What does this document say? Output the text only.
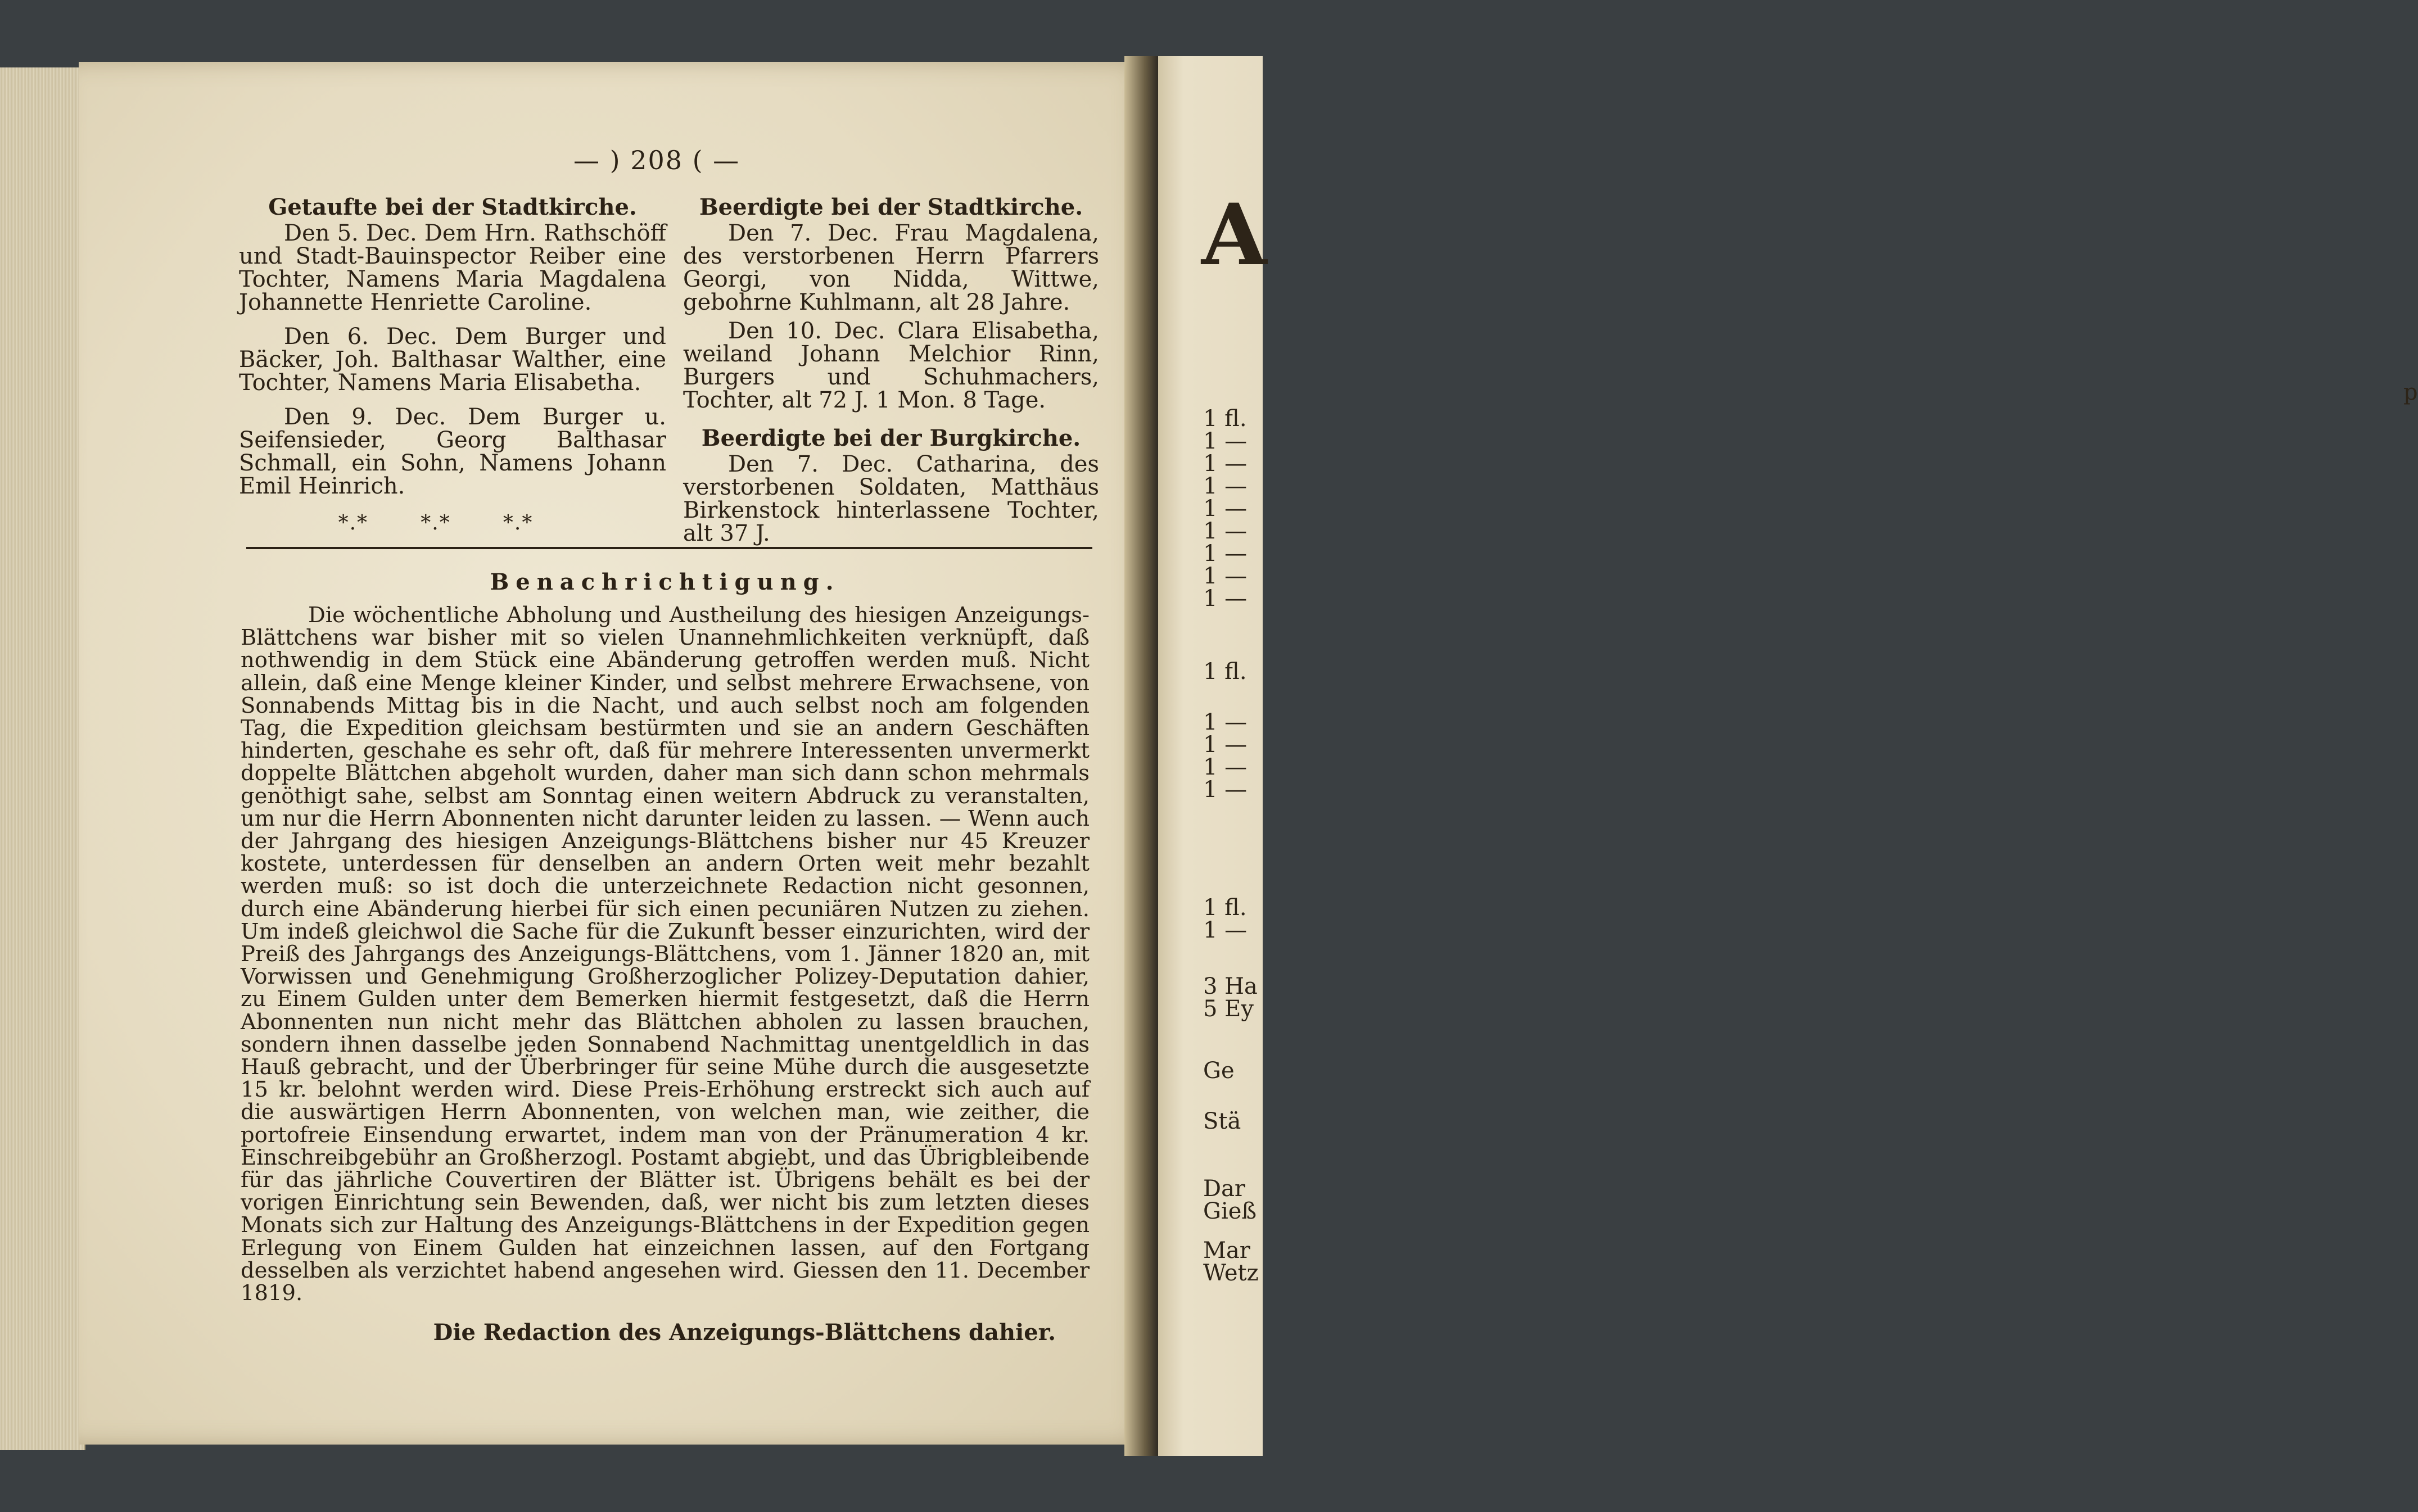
A
p
1 fl.
1 —
1 —
1 —
1 —
1 —
1 —
1 —
1 —
1 fl.
1 —
1 —
1 —
1 —
1 fl.
1 —
3 Ha
5 Ey
Ge
Stä
Dar
Gieß
Mar
Wetz
— ) 208 ( —
Getaufte bei der Stadtkirche.

Den 5. Dec. Dem Hrn. Rathschöff und Stadt-Bauinspector Reiber eine Tochter, Namens Maria Magdalena Johannette Henriette Caroline.

Den 6. Dec. Dem Burger und Bäcker, Joh. Balthasar Walther, eine Tochter, Namens Maria Elisabetha.

Den 9. Dec. Dem Burger u. Seifensieder, Georg Balthasar Schmall, ein Sohn, Namens Johann Emil Heinrich.

*.*	*.*	*.*
Beerdigte bei der Stadtkirche.

Den 7. Dec. Frau Magdalena, des verstorbenen Herrn Pfarrers Georgi, von Nidda, Wittwe, gebohrne Kuhlmann, alt 28 Jahre.

Den 10. Dec. Clara Elisabetha, weiland Johann Melchior Rinn, Burgers und Schuhmachers, Tochter, alt 72 J. 1 Mon. 8 Tage.

Beerdigte bei der Burgkirche.

Den 7. Dec. Catharina, des verstorbenen Soldaten, Matthäus Birkenstock hinterlassene Tochter, alt 37 J.

Benachrichtigung.

Die wöchentliche Abholung und Austheilung des hiesigen Anzeigungs-Blättchens war bisher mit so vielen Unannehmlichkeiten verknüpft, daß nothwendig in dem Stück eine Abänderung getroffen werden muß. Nicht allein, daß eine Menge kleiner Kinder, und selbst mehrere Erwachsene, von Sonnabends Mittag bis in die Nacht, und auch selbst noch am folgenden Tag, die Expedition gleichsam bestürmten und sie an andern Geschäften hinderten, geschahe es sehr oft, daß für mehrere Interessenten unvermerkt doppelte Blättchen abgeholt wurden, daher man sich dann schon mehrmals genöthigt sahe, selbst am Sonntag einen weitern Abdruck zu veranstalten, um nur die Herrn Abonnenten nicht darunter leiden zu lassen. — Wenn auch der Jahrgang des hiesigen Anzeigungs-Blättchens bisher nur 45 Kreuzer kostete, unterdessen für denselben an andern Orten weit mehr bezahlt werden muß: so ist doch die unterzeichnete Redaction nicht gesonnen, durch eine Abänderung hierbei für sich einen pecuniären Nutzen zu ziehen. Um indeß gleichwol die Sache für die Zukunft besser einzurichten, wird der Preiß des Jahrgangs des Anzeigungs-Blättchens, vom 1. Jänner 1820 an, mit Vorwissen und Genehmigung Großherzoglicher Polizey-Deputation dahier, zu Einem Gulden unter dem Bemerken hiermit festgesetzt, daß die Herrn Abonnenten nun nicht mehr das Blättchen abholen zu lassen brauchen, sondern ihnen dasselbe jeden Sonnabend Nachmittag unentgeldlich in das Hauß gebracht, und der Überbringer für seine Mühe durch die ausgesetzte 15 kr. belohnt werden wird. Diese Preis-Erhöhung erstreckt sich auch auf die auswärtigen Herrn Abonnenten, von welchen man, wie zeither, die portofreie Einsendung erwartet, indem man von der Pränumeration 4 kr. Einschreibgebühr an Großherzogl. Postamt abgiebt, und das Übrigbleibende für das jährliche Couvertiren der Blätter ist. Übrigens behält es bei der vorigen Einrichtung sein Bewenden, daß, wer nicht bis zum letzten dieses Monats sich zur Haltung des Anzeigungs-Blättchens in der Expedition gegen Erlegung von Einem Gulden hat einzeichnen lassen, auf den Fortgang desselben als verzichtet habend angesehen wird. Giessen den 11. December 1819.

Die Redaction des Anzeigungs-Blättchens dahier.
